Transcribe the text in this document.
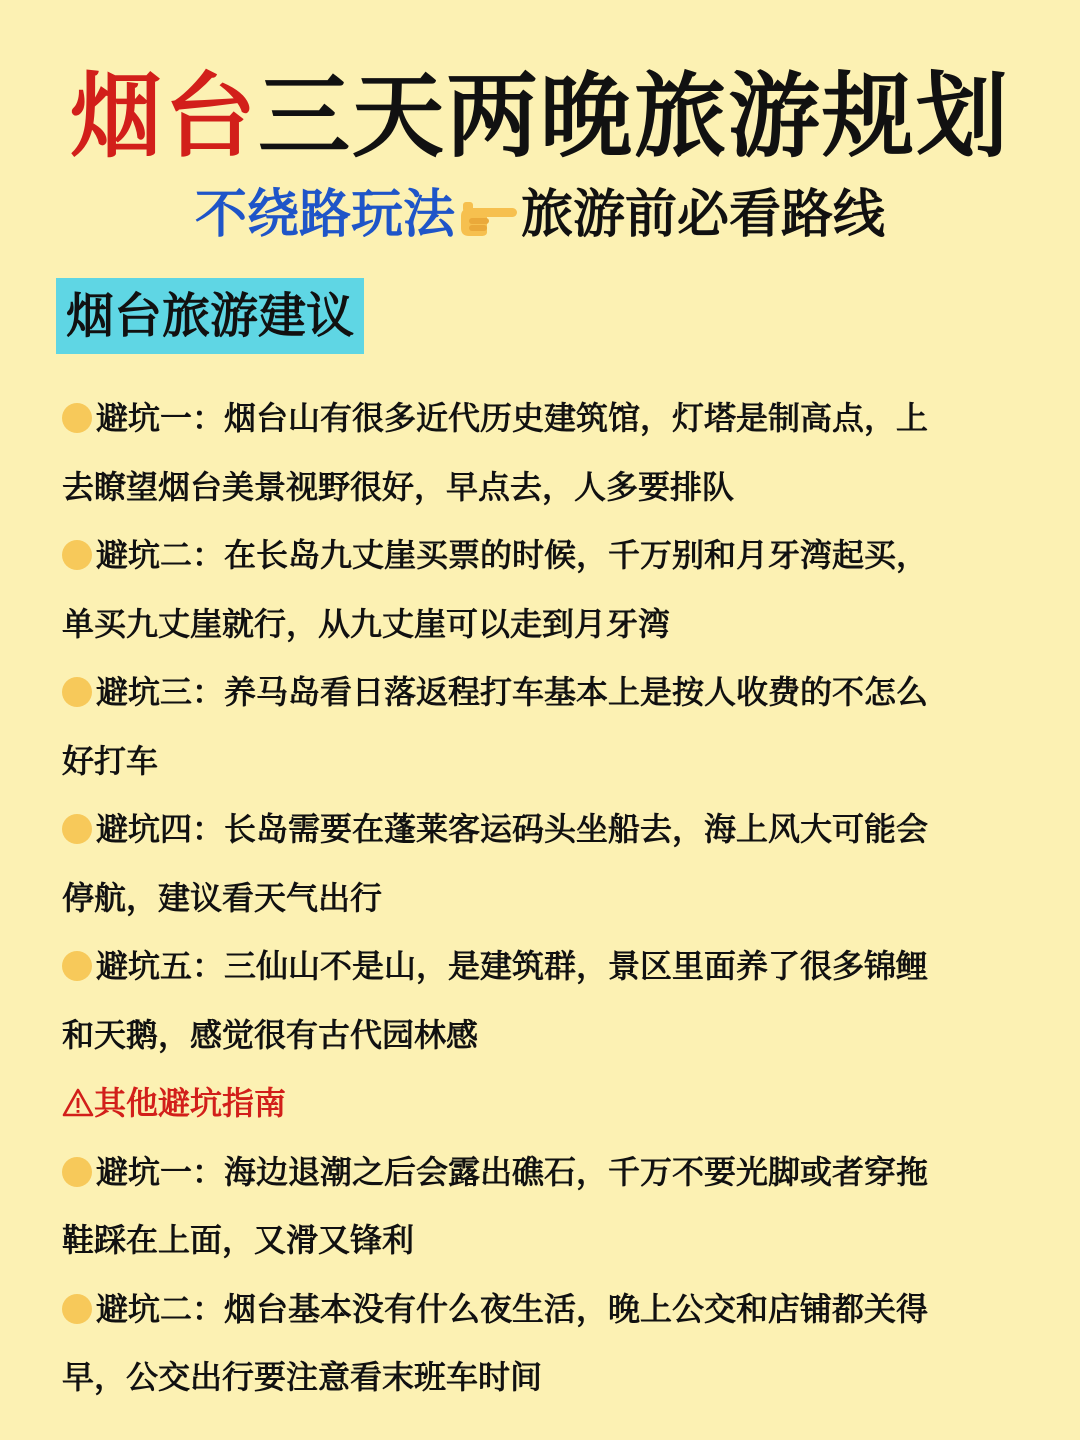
烟台三天两晚旅游规划
不绕路玩法 旅游前必看路线
烟台旅游建议
避坑一：烟台山有很多近代历史建筑馆，灯塔是制高点，上
去瞭望烟台美景视野很好，早点去，人多要排队
避坑二：在长岛九丈崖买票的时候，千万别和月牙湾起买，
单买九丈崖就行，从九丈崖可以走到月牙湾
避坑三：养马岛看日落返程打车基本上是按人收费的不怎么
好打车
避坑四：长岛需要在蓬莱客运码头坐船去，海上风大可能会
停航，建议看天气出行
避坑五：三仙山不是山，是建筑群，景区里面养了很多锦鲤
和天鹅，感觉很有古代园林感
其他避坑指南
避坑一：海边退潮之后会露出礁石，千万不要光脚或者穿拖
鞋踩在上面，又滑又锋利
避坑二：烟台基本没有什么夜生活，晚上公交和店铺都关得
早，公交出行要注意看末班车时间
